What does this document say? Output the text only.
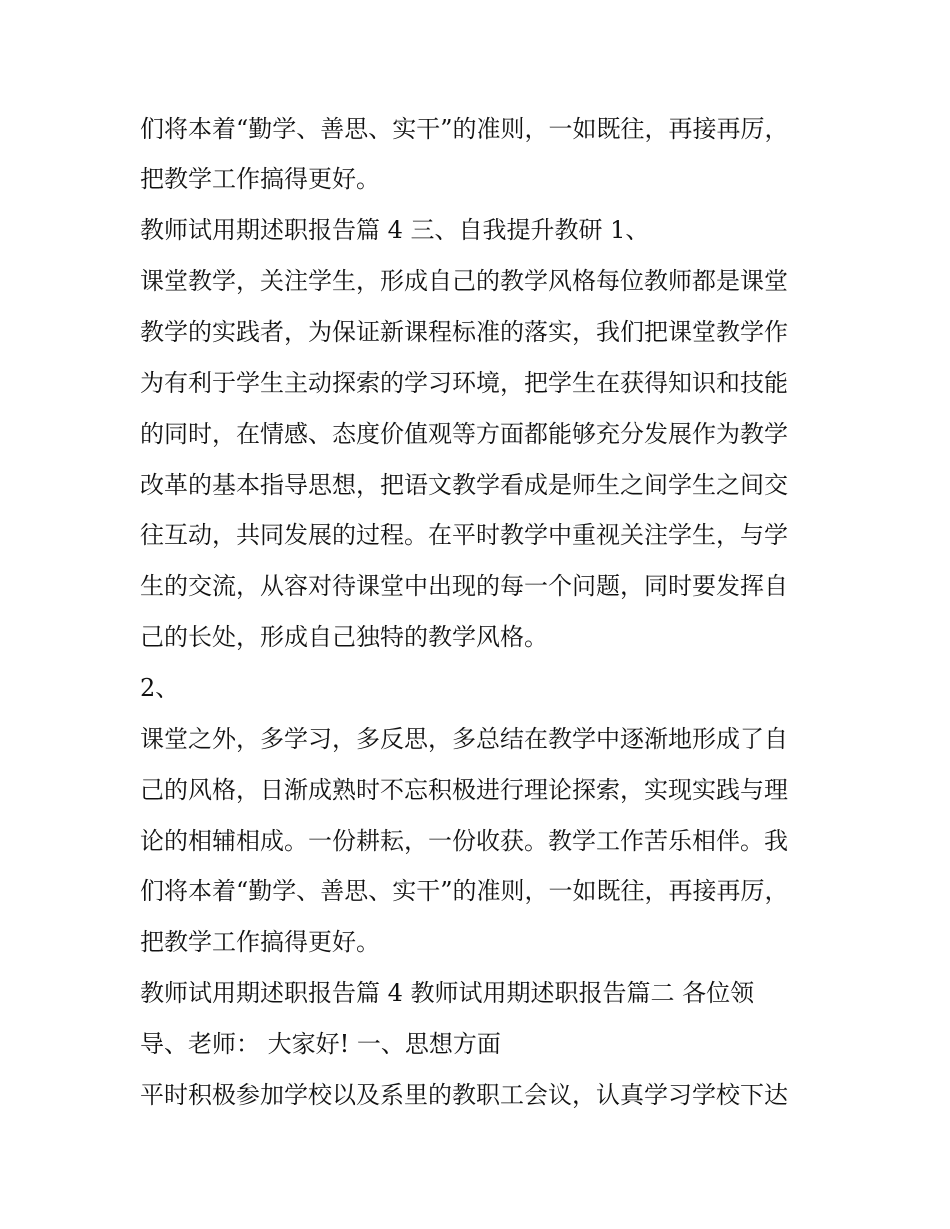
们将本着“勤学、善思、实干”的准则，一如既往，再接再厉，
把教学工作搞得更好。
教师试用期述职报告篇 4 三、自我提升教研 1、
课堂教学，关注学生，形成自己的教学风格每位教师都是课堂
教学的实践者，为保证新课程标准的落实，我们把课堂教学作
为有利于学生主动探索的学习环境，把学生在获得知识和技能
的同时，在情感、态度价值观等方面都能够充分发展作为教学
改革的基本指导思想，把语文教学看成是师生之间学生之间交
往互动，共同发展的过程。在平时教学中重视关注学生，与学
生的交流，从容对待课堂中出现的每一个问题，同时要发挥自
己的长处，形成自己独特的教学风格。
2、
课堂之外，多学习，多反思，多总结在教学中逐渐地形成了自
己的风格，日渐成熟时不忘积极进行理论探索，实现实践与理
论的相辅相成。一份耕耘，一份收获。教学工作苦乐相伴。我
们将本着“勤学、善思、实干”的准则，一如既往，再接再厉，
把教学工作搞得更好。
教师试用期述职报告篇 4 教师试用期述职报告篇二 各位领
导、老师： 大家好! 一、思想方面
平时积极参加学校以及系里的教职工会议，认真学习学校下达
